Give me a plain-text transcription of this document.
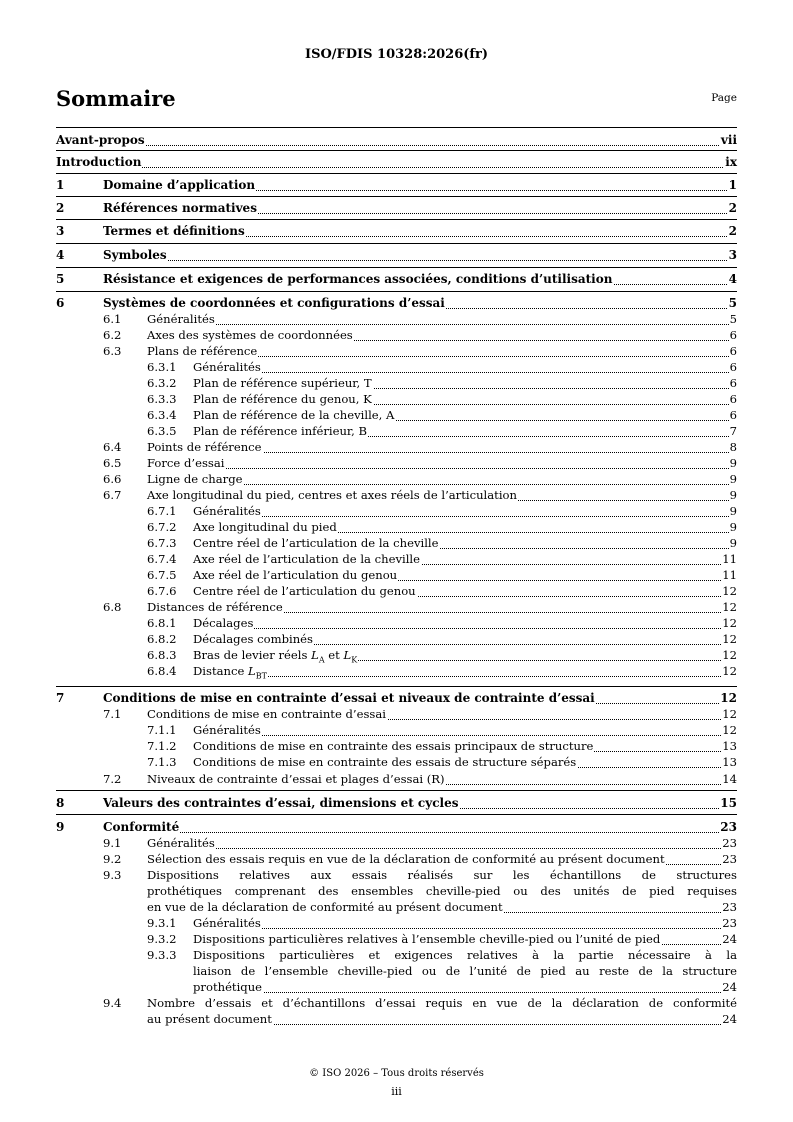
ISO/FDIS 10328:2026(fr)
Sommaire	Page
Avant-propos	vii
Introduction	ix
1	Domaine d’application	1
2	Références normatives	2
3	Termes et définitions	2
4	Symboles	3
5	Résistance et exigences de performances associées, conditions d’utilisation	4
6	Systèmes de coordonnées et configurations d’essai	5
6.1 Généralités	5
6.2 Axes des systèmes de coordonnées	6
6.3 Plans de référence	6
6.3.1 Généralités	6
6.3.2 Plan de référence supérieur, T	6
6.3.3 Plan de référence du genou, K	6
6.3.4 Plan de référence de la cheville, A	6
6.3.5 Plan de référence inférieur, B	7
6.4 Points de référence	8
6.5 Force d’essai	9
6.6 Ligne de charge	9
6.7 Axe longitudinal du pied, centres et axes réels de l’articulation	9
6.7.1 Généralités	9
6.7.2 Axe longitudinal du pied	9
6.7.3 Centre réel de l’articulation de la cheville	9
6.7.4 Axe réel de l’articulation de la cheville	11
6.7.5 Axe réel de l’articulation du genou	11
6.7.6 Centre réel de l’articulation du genou	12
6.8 Distances de référence	12
6.8.1 Décalages	12
6.8.2 Décalages combinés	12
6.8.3 Bras de levier réels $L_A$ et $L_K$	12
6.8.4 Distance $L_{BT}$	12
7	Conditions de mise en contrainte d’essai et niveaux de contrainte d’essai	12
7.1 Conditions de mise en contrainte d’essai	12
7.1.1 Généralités	12
7.1.2 Conditions de mise en contrainte des essais principaux de structure	13
7.1.3 Conditions de mise en contrainte des essais de structure séparés	13
7.2 Niveaux de contrainte d’essai et plages d’essai (R)	14
8	Valeurs des contraintes d’essai, dimensions et cycles	15
9	Conformité	23
9.1 Généralités	23
9.2 Sélection des essais requis en vue de la déclaration de conformité au présent document	23
9.3 Dispositions relatives aux essais réalisés sur les échantillons de structures
prothétiques comprenant des ensembles cheville-pied ou des unités de pied requises
en vue de la déclaration de conformité au présent document	23
9.3.1 Généralités	23
9.3.2 Dispositions particulières relatives à l’ensemble cheville-pied ou l’unité de pied	24
9.3.3 Dispositions particulières et exigences relatives à la partie nécessaire à la
liaison de l’ensemble cheville-pied ou de l’unité de pied au reste de la structure
prothétique	24
9.4 Nombre d’essais et d’échantillons d’essai requis en vue de la déclaration de conformité
au présent document	24
© ISO 2026 – Tous droits réservés
iii
